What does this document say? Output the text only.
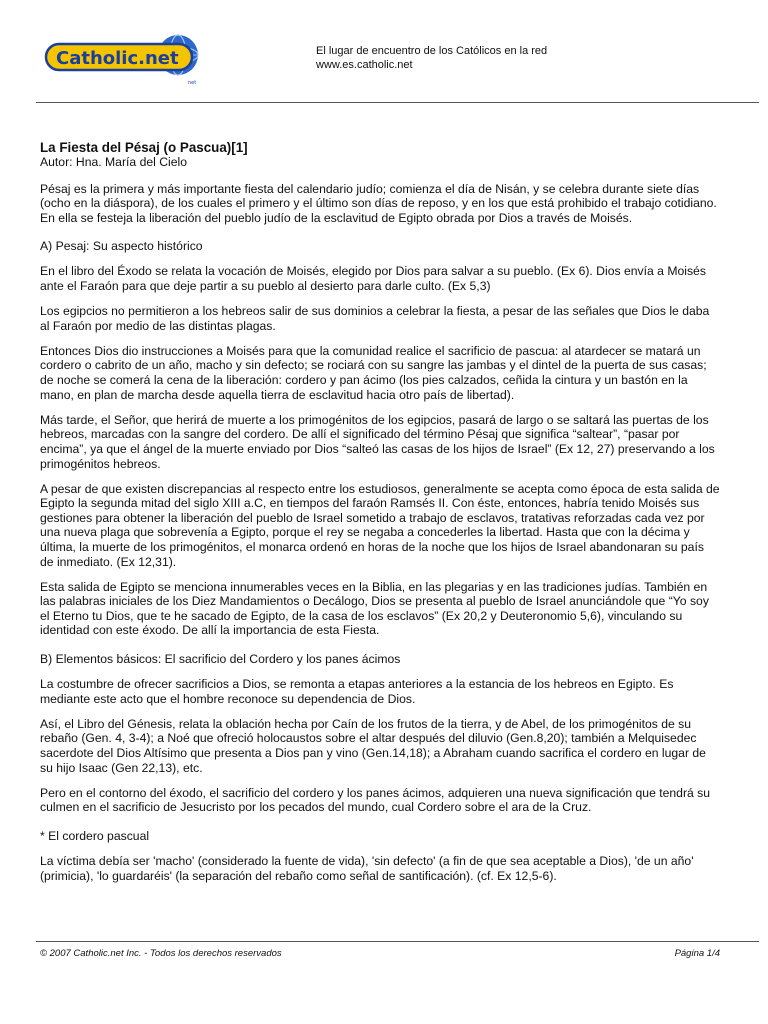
Catholic.net
net
El lugar de encuentro de los Católicos en la red
www.es.catholic.net
La Fiesta del Pésaj (o Pascua)[1]
Autor: Hna. María del Cielo
Pésaj es la primera y más importante fiesta del calendario judío; comienza el día de Nisán, y se celebra durante siete días (ocho en la diáspora), de los cuales el primero y el último son días de reposo, y en los que está prohibido el trabajo cotidiano. En ella se festeja la liberación del pueblo judío de la esclavitud de Egipto obrada por Dios a través de Moisés.
A) Pesaj: Su aspecto histórico
En el libro del Éxodo se relata la vocación de Moisés, elegido por Dios para salvar a su pueblo. (Ex 6). Dios envía a Moisés ante el Faraón para que deje partir a su pueblo al desierto para darle culto. (Ex 5,3)
Los egipcios no permitieron a los hebreos salir de sus dominios a celebrar la fiesta, a pesar de las señales que Dios le daba al Faraón por medio de las distintas plagas.
Entonces Dios dio instrucciones a Moisés para que la comunidad realice el sacrificio de pascua: al atardecer se matará un cordero o cabrito de un año, macho y sin defecto; se rociará con su sangre las jambas y el dintel de la puerta de sus casas; de noche se comerá la cena de la liberación: cordero y pan ácimo (los pies calzados, ceñida la cintura y un bastón en la mano, en plan de marcha desde aquella tierra de esclavitud hacia otro país de libertad).
Más tarde, el Señor, que herirá de muerte a los primogénitos de los egipcios, pasará de largo o se saltará las puertas de los hebreos, marcadas con la sangre del cordero. De allí el significado del término Pésaj que significa “saltear”, “pasar por encima”, ya que el ángel de la muerte enviado por Dios “salteó las casas de los hijos de Israel” (Ex 12, 27) preservando a los primogénitos hebreos.
A pesar de que existen discrepancias al respecto entre los estudiosos, generalmente se acepta como época de esta salida de Egipto la segunda mitad del siglo XIII a.C, en tiempos del faraón Ramsés II. Con éste, entonces, habría tenido Moisés sus gestiones para obtener la liberación del pueblo de Israel sometido a trabajo de esclavos, tratativas reforzadas cada vez por una nueva plaga que sobrevenía a Egipto, porque el rey se negaba a concederles la libertad. Hasta que con la décima y última, la muerte de los primogénitos, el monarca ordenó en horas de la noche que los hijos de Israel abandonaran su país de inmediato. (Ex 12,31).
Esta salida de Egipto se menciona innumerables veces en la Biblia, en las plegarias y en las tradiciones judías. También en las palabras iniciales de los Diez Mandamientos o Decálogo, Dios se presenta al pueblo de Israel anunciándole que “Yo soy el Eterno tu Dios, que te he sacado de Egipto, de la casa de los esclavos” (Ex 20,2 y Deuteronomio 5,6), vinculando su identidad con este éxodo. De allí la importancia de esta Fiesta.
B) Elementos básicos: El sacrificio del Cordero y los panes ácimos
La costumbre de ofrecer sacrificios a Dios, se remonta a etapas anteriores a la estancia de los hebreos en Egipto. Es mediante este acto que el hombre reconoce su dependencia de Dios.
Así, el Libro del Génesis, relata la oblación hecha por Caín de los frutos de la tierra, y de Abel, de los primogénitos de su rebaño (Gen. 4, 3-4); a Noé que ofreció holocaustos sobre el altar después del diluvio (Gen.8,20); también a Melquisedec sacerdote del Dios Altísimo que presenta a Dios pan y vino (Gen.14,18); a Abraham cuando sacrifica el cordero en lugar de su hijo Isaac (Gen 22,13), etc.
Pero en el contorno del éxodo, el sacrificio del cordero y los panes ácimos, adquieren una nueva significación que tendrá su culmen en el sacrificio de Jesucristo por los pecados del mundo, cual Cordero sobre el ara de la Cruz.
* El cordero pascual
La víctima debía ser 'macho' (considerado la fuente de vida), 'sin defecto' (a fin de que sea aceptable a Dios), 'de un año' (primicia), 'lo guardaréis' (la separación del rebaño como señal de santificación). (cf. Ex 12,5-6).
© 2007 Catholic.net Inc. - Todos los derechos reservados	Página 1/4
